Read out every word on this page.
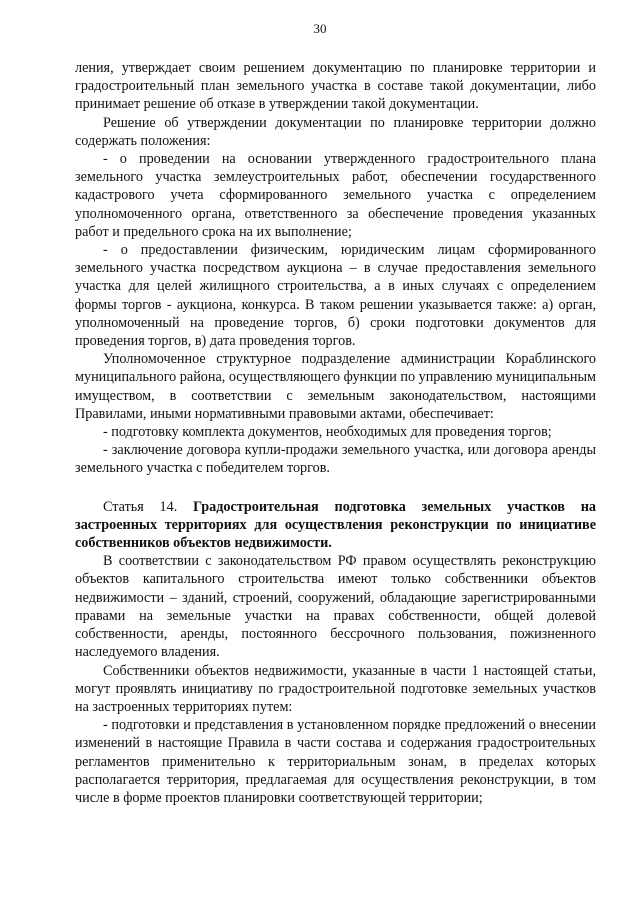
30

ления, утверждает своим решением документацию по планировке территории и градостроительный план земельного участка в составе такой документации, либо принимает решение об отказе в утверждении такой документации.

Решение об утверждении документации по планировке территории должно содержать положения:

- о проведении на основании утвержденного градостроительного плана земельного участка землеустроительных работ, обеспечении государственного кадастрового учета сформированного земельного участка с определением уполномоченного органа, ответственного за обеспечение проведения указанных работ и предельного срока на их выполнение;

- о предоставлении физическим, юридическим лицам сформированного земельного участка посредством аукциона – в случае предоставления земельного участка для целей жилищного строительства, а в иных случаях с определением формы торгов - аукциона, конкурса. В таком решении указывается также: а) орган, уполномоченный на проведение торгов, б) сроки подготовки документов для проведения торгов, в) дата проведения торгов.

Уполномоченное структурное подразделение администрации Кораблинского муниципального района, осуществляющего функции по управлению муниципальным имуществом, в соответствии с земельным законодательством, настоящими Правилами, иными нормативными правовыми актами, обеспечивает:

- подготовку комплекта документов, необходимых для проведения торгов;

- заключение договора купли-продажи земельного участка, или договора аренды земельного участка с победителем торгов.

Статья 14. Градостроительная подготовка земельных участков на застроенных территориях для осуществления реконструкции по инициативе собственников объектов недвижимости.

В соответствии с законодательством РФ правом осуществлять реконструкцию объектов капитального строительства имеют только собственники объектов недвижимости – зданий, строений, сооружений, обладающие зарегистрированными правами на земельные участки на правах собственности, общей долевой собственности, аренды, постоянного бессрочного пользования, пожизненного наследуемого владения.

Собственники объектов недвижимости, указанные в части 1 настоящей статьи, могут проявлять инициативу по градостроительной подготовке земельных участков на застроенных территориях путем:

- подготовки и представления в установленном порядке предложений о внесении изменений в настоящие Правила в части состава и содержания градостроительных регламентов применительно к территориальным зонам, в пределах которых располагается территория, предлагаемая для осуществления реконструкции, в том числе в форме проектов планировки соответствующей территории;
